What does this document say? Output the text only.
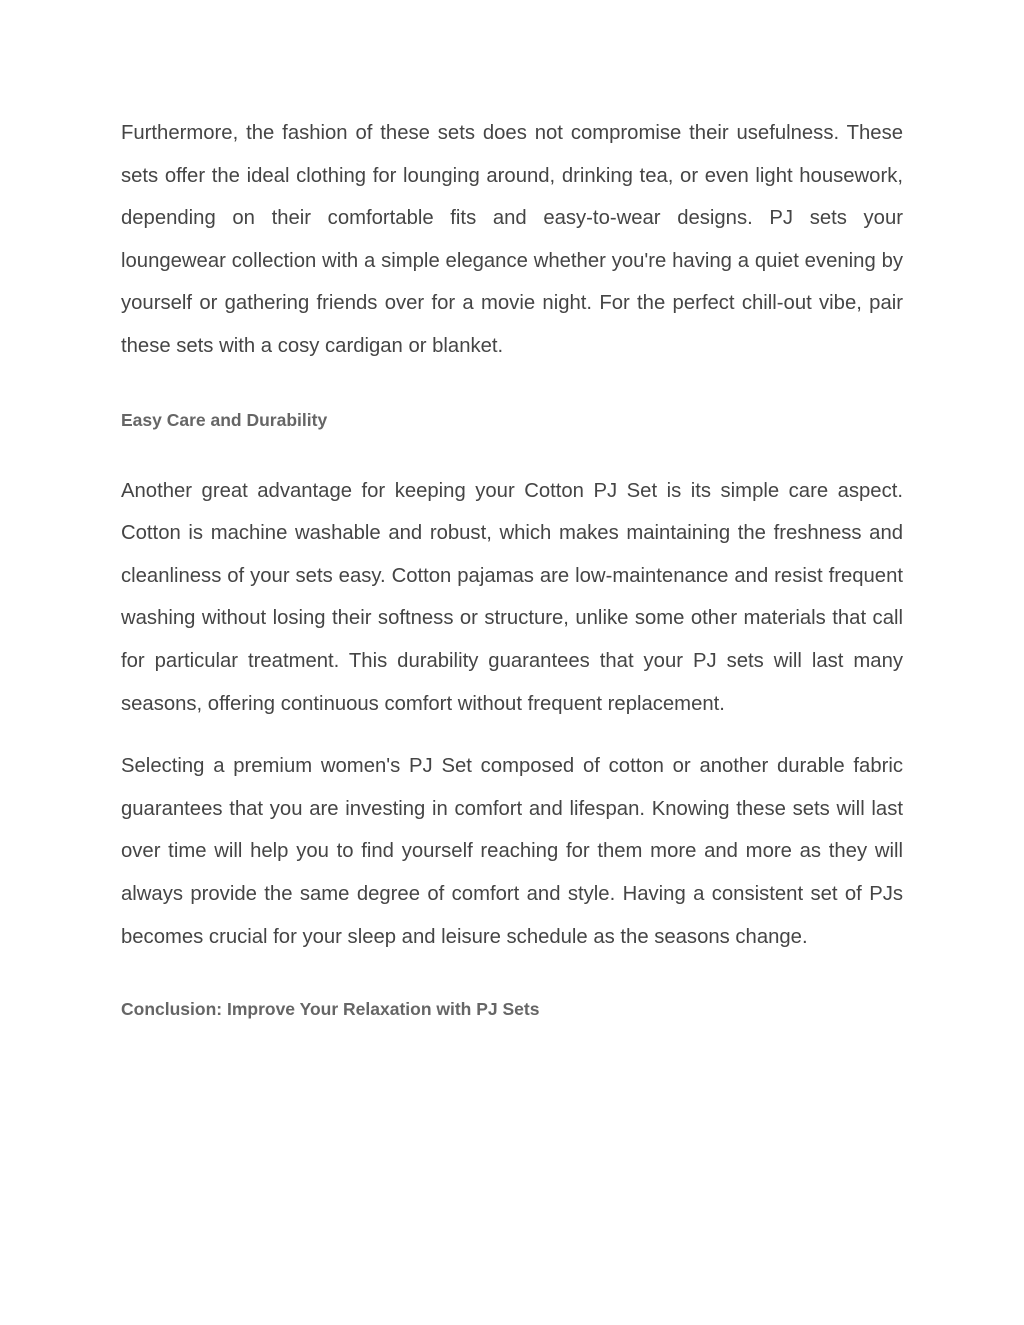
Furthermore, the fashion of these sets does not compromise their usefulness. These sets offer the ideal clothing for lounging around, drinking tea, or even light housework, depending on their comfortable fits and easy-to-wear designs. PJ sets your loungewear collection with a simple elegance whether you're having a quiet evening by yourself or gathering friends over for a movie night. For the perfect chill-out vibe, pair these sets with a cosy cardigan or blanket.

Easy Care and Durability

Another great advantage for keeping your Cotton PJ Set is its simple care aspect. Cotton is machine washable and robust, which makes maintaining the freshness and cleanliness of your sets easy. Cotton pajamas are low-maintenance and resist frequent washing without losing their softness or structure, unlike some other materials that call for particular treatment. This durability guarantees that your PJ sets will last many seasons, offering continuous comfort without frequent replacement.

Selecting a premium women's PJ Set composed of cotton or another durable fabric guarantees that you are investing in comfort and lifespan. Knowing these sets will last over time will help you to find yourself reaching for them more and more as they will always provide the same degree of comfort and style. Having a consistent set of PJs becomes crucial for your sleep and leisure schedule as the seasons change.

Conclusion: Improve Your Relaxation with PJ Sets
